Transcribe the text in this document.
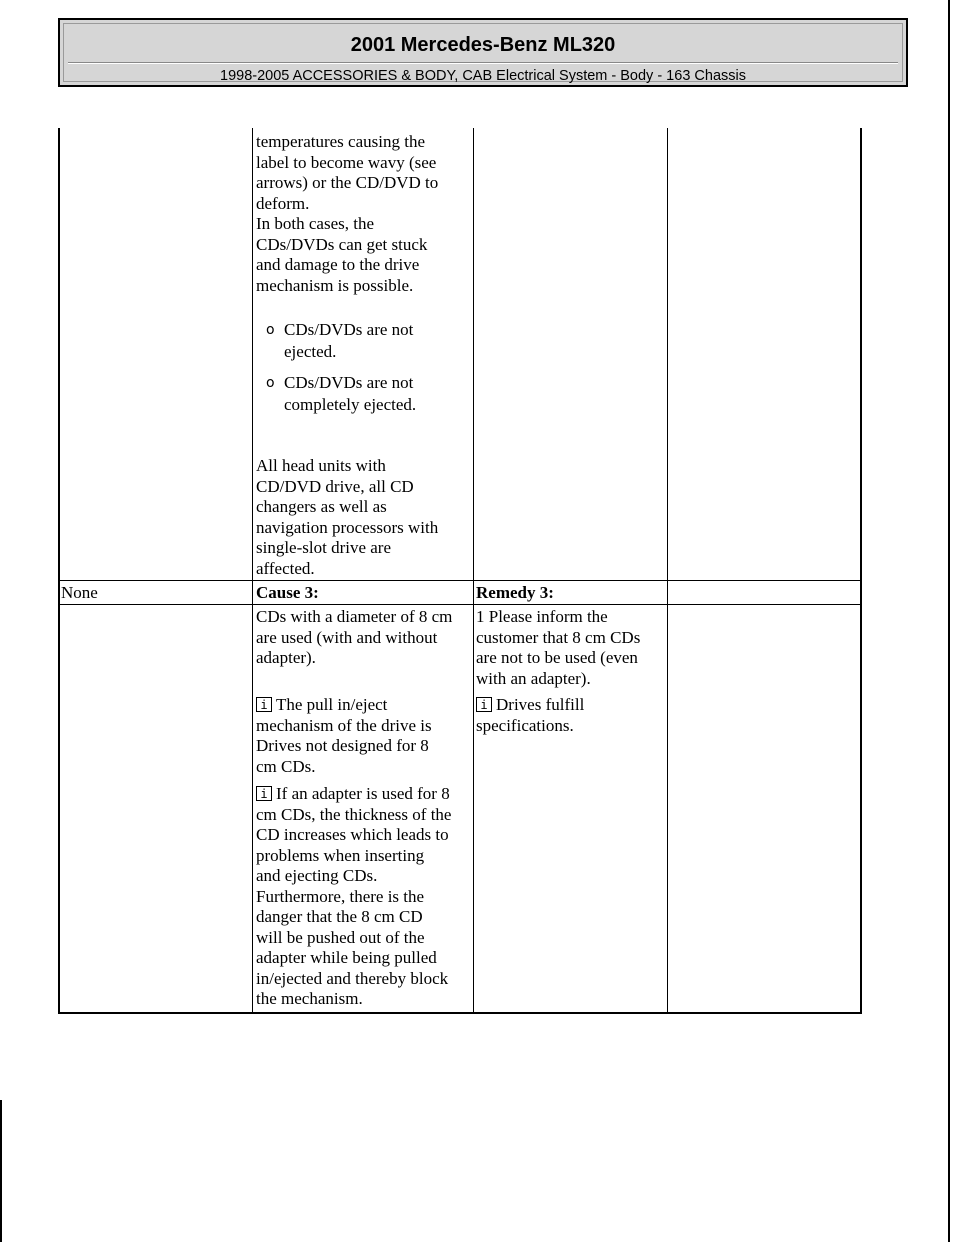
2001 Mercedes-Benz ML320
1998-2005 ACCESSORIES & BODY, CAB Electrical System - Body - 163 Chassis

temperatures causing the

label to become wavy (see

arrows) or the CD/DVD to

deform.

In both cases, the

CDs/DVDs can get stuck

and damage to the drive

mechanism is possible.

o CDs/DVDs are not
ejected.
o CDs/DVDs are not
completely ejected.

All head units with

CD/DVD drive, all CD

changers as well as

navigation processors with

single-slot drive are

affected.

None	Cause 3:	Remedy 3:

CDs with a diameter of 8 cm

are used (with and without

adapter).

i The pull in/eject

mechanism of the drive is

Drives not designed for 8

cm CDs.

i If an adapter is used for 8

cm CDs, the thickness of the

CD increases which leads to

problems when inserting

and ejecting CDs.

Furthermore, there is the

danger that the 8 cm CD

will be pushed out of the

adapter while being pulled

in/ejected and thereby block

the mechanism.

1 Please inform the

customer that 8 cm CDs

are not to be used (even

with an adapter).

i Drives fulfill

specifications.
